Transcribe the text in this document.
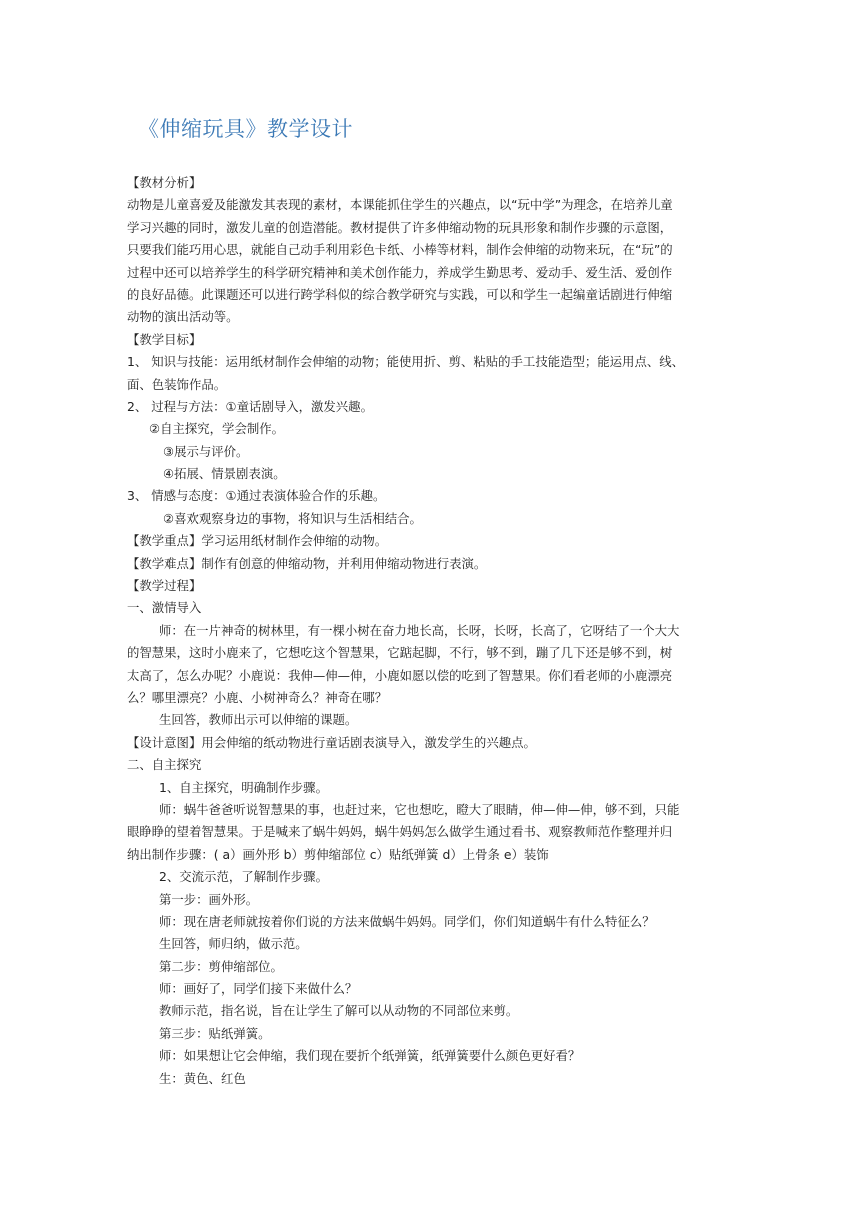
《伸缩玩具》教学设计
【教材分析】
动物是儿童喜爱及能激发其表现的素材，本课能抓住学生的兴趣点，以“玩中学”为理念，在培养儿童
学习兴趣的同时，激发儿童的创造潜能。教材提供了许多伸缩动物的玩具形象和制作步骤的示意图，
只要我们能巧用心思，就能自己动手利用彩色卡纸、小棒等材料，制作会伸缩的动物来玩，在“玩”的
过程中还可以培养学生的科学研究精神和美术创作能力，养成学生勤思考、爱动手、爱生活、爱创作
的良好品德。此课题还可以进行跨学科似的综合教学研究与实践，可以和学生一起编童话剧进行伸缩
动物的演出活动等。
【教学目标】
1、 知识与技能：运用纸材制作会伸缩的动物；能使用折、剪、粘贴的手工技能造型；能运用点、线、
面、色装饰作品。
2、 过程与方法：①童话剧导入，激发兴趣。
②自主探究，学会制作。
③展示与评价。
④拓展、情景剧表演。
3、 情感与态度：①通过表演体验合作的乐趣。
②喜欢观察身边的事物，将知识与生活相结合。
【教学重点】学习运用纸材制作会伸缩的动物。
【教学难点】制作有创意的伸缩动物，并利用伸缩动物进行表演。
【教学过程】
一、激情导入
师：在一片神奇的树林里，有一棵小树在奋力地长高，长呀，长呀，长高了，它呀结了一个大大
的智慧果，这时小鹿来了，它想吃这个智慧果，它踮起脚，不行，够不到，蹦了几下还是够不到，树
太高了，怎么办呢？小鹿说：我伸—伸—伸，小鹿如愿以偿的吃到了智慧果。你们看老师的小鹿漂亮
么？哪里漂亮？小鹿、小树神奇么？神奇在哪？
生回答，教师出示可以伸缩的课题。
【设计意图】用会伸缩的纸动物进行童话剧表演导入，激发学生的兴趣点。
二、自主探究
1、自主探究，明确制作步骤。
师：蜗牛爸爸听说智慧果的事，也赶过来，它也想吃，瞪大了眼睛，伸—伸—伸，够不到，只能
眼睁睁的望着智慧果。于是喊来了蜗牛妈妈，蜗牛妈妈怎么做学生通过看书、观察教师范作整理并归
纳出制作步骤：( a）画外形 b）剪伸缩部位 c）贴纸弹簧 d）上骨条 e）装饰
2、交流示范，了解制作步骤。
第一步：画外形。
师：现在唐老师就按着你们说的方法来做蜗牛妈妈。同学们，你们知道蜗牛有什么特征么？
生回答，师归纳，做示范。
第二步：剪伸缩部位。
师：画好了，同学们接下来做什么？
教师示范，指名说，旨在让学生了解可以从动物的不同部位来剪。
第三步：贴纸弹簧。
师：如果想让它会伸缩，我们现在要折个纸弹簧，纸弹簧要什么颜色更好看？
生：黄色、红色
